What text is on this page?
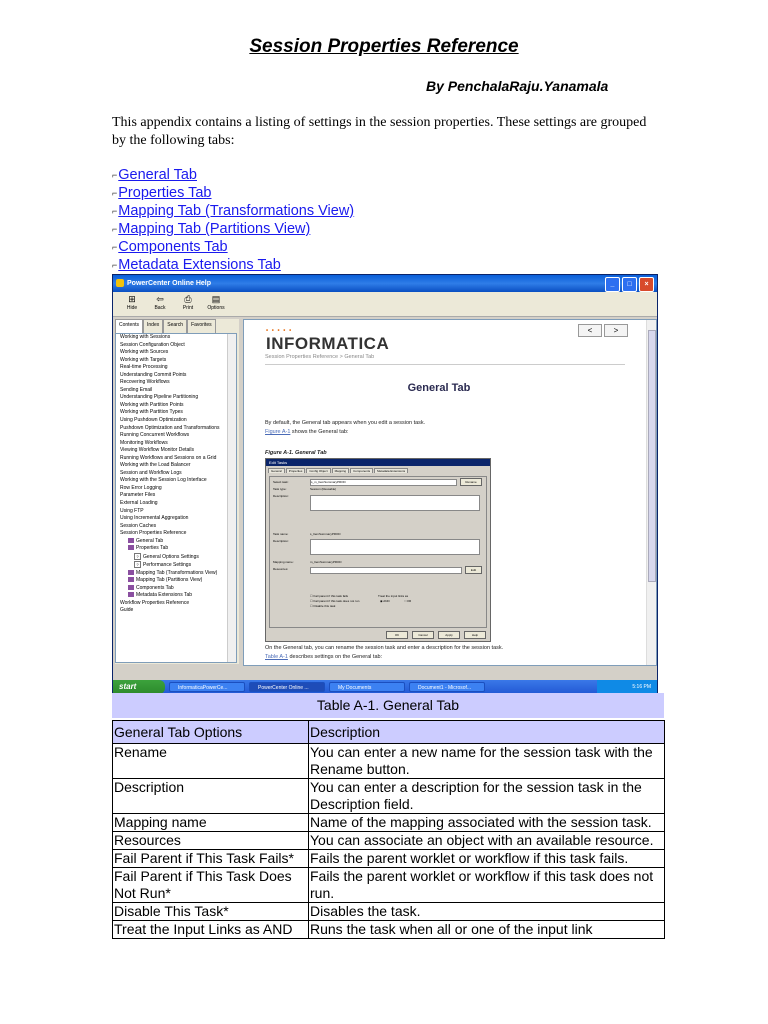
Session Properties Reference
By PenchalaRaju.Yanamala
This appendix contains a listing of settings in the session properties. These settings are grouped by the following tabs:
⌐General Tab
⌐Properties Tab
⌐Mapping Tab (Transformations View)
⌐Mapping Tab (Partitions View)
⌐Components Tab
⌐Metadata Extensions Tab
PowerCenter Online Help	_	□	×
⊞
Hide
⇦
Back
⎙
Print
▤
Options
Contents	Index	Search	Favorites
Working with Sessions
Session Configuration Object
Working with Sources
Working with Targets
Real-time Processing
Understanding Commit Points
Recovering Workflows
Sending Email
Understanding Pipeline Partitioning
Working with Partition Points
Working with Partition Types
Using Pushdown Optimization
Pushdown Optimization and Transformations
Running Concurrent Workflows
Monitoring Workflows
Viewing Workflow Monitor Details
Running Workflows and Sessions on a Grid
Working with the Load Balancer
Session and Workflow Logs
Working with the Session Log Interface
Row Error Logging
Parameter Files
External Loading
Using FTP
Using Incremental Aggregation
Session Caches
Session Properties Reference
General Tab
Properties Tab
? General Options Settings
? Performance Settings
Mapping Tab (Transformations View)
Mapping Tab (Partitions View)
Components Tab
Metadata Extensions Tab
Workflow Properties Reference
Guide
• • • • •
INFORMATICA
<	>
Session Properties Reference > General Tab
General Tab
By default, the General tab appears when you edit a session task.
Figure A-1 shows the General tab:
Figure A-1. General Tab
Edit Tasks
General	Properties	Config Object	Mapping	Components	Metadata Extensions
Select task:	s_m_ItemSummaryPROD	Rename
Task type:	Session (Reusable)
Description:
Task name:	s_ItemSummaryPROD
Description:
Mapping name:	m_ItemSummaryPROD
Resources:	Edit
☐ Fail parent if this task fails
☐ Fail parent if this task does not run
☐ Disable this task
Treat the input links as
◉ AND	○ OR
OK	Cancel	Apply	Help
On the General tab, you can rename the session task and enter a description for the session task.
Table A-1 describes settings on the General tab:
start	InformaticaPowerCe...	PowerCenter Online ...	My Documents	Document1 - Microsof...	5:16 PM
Table A-1. General Tab
General Tab Options	Description
Rename	You can enter a new name for the session task with the Rename button.
Description	You can enter a description for the session task in the Description field.
Mapping name	Name of the mapping associated with the session task.
Resources	You can associate an object with an available resource.
Fail Parent if This Task Fails*	Fails the parent worklet or workflow if this task fails.
Fail Parent if This Task Does Not Run*	Fails the parent worklet or workflow if this task does not run.
Disable This Task*	Disables the task.
Treat the Input Links as AND	Runs the task when all or one of the input link
